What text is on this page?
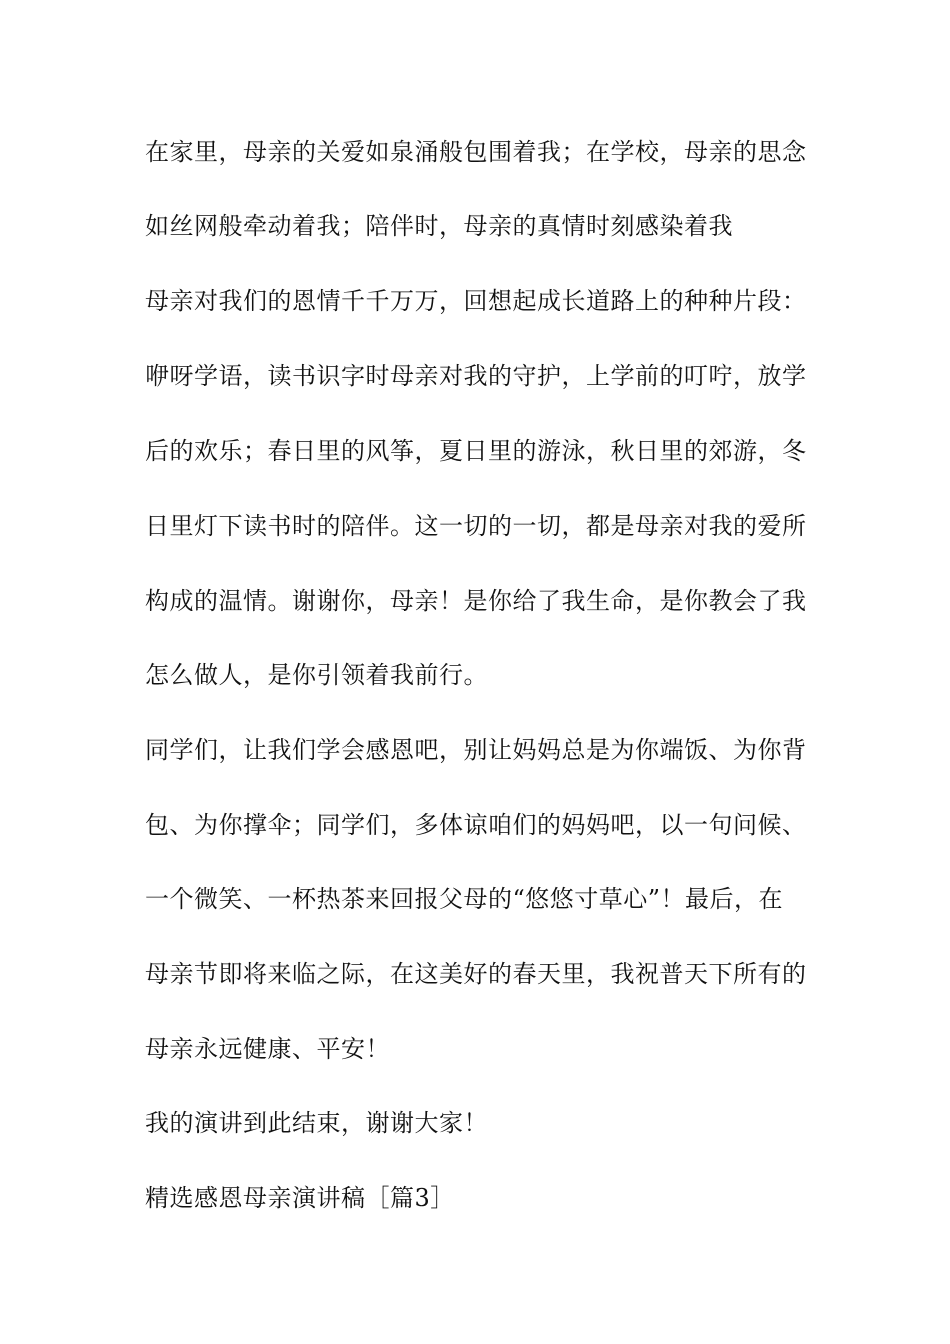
在家里，母亲的关爱如泉涌般包围着我；在学校，母亲的思念
如丝网般牵动着我；陪伴时，母亲的真情时刻感染着我
母亲对我们的恩情千千万万，回想起成长道路上的种种片段：
咿呀学语，读书识字时母亲对我的守护，上学前的叮咛，放学
后的欢乐；春日里的风筝，夏日里的游泳，秋日里的郊游，冬
日里灯下读书时的陪伴。这一切的一切，都是母亲对我的爱所
构成的温情。谢谢你，母亲！是你给了我生命，是你教会了我
怎么做人，是你引领着我前行。
同学们，让我们学会感恩吧，别让妈妈总是为你端饭、为你背
包、为你撑伞；同学们，多体谅咱们的妈妈吧，以一句问候、
一个微笑、一杯热茶来回报父母的“悠悠寸草心”！最后，在
母亲节即将来临之际，在这美好的春天里，我祝普天下所有的
母亲永远健康、平安！
我的演讲到此结束，谢谢大家！
精选感恩母亲演讲稿［篇3］
